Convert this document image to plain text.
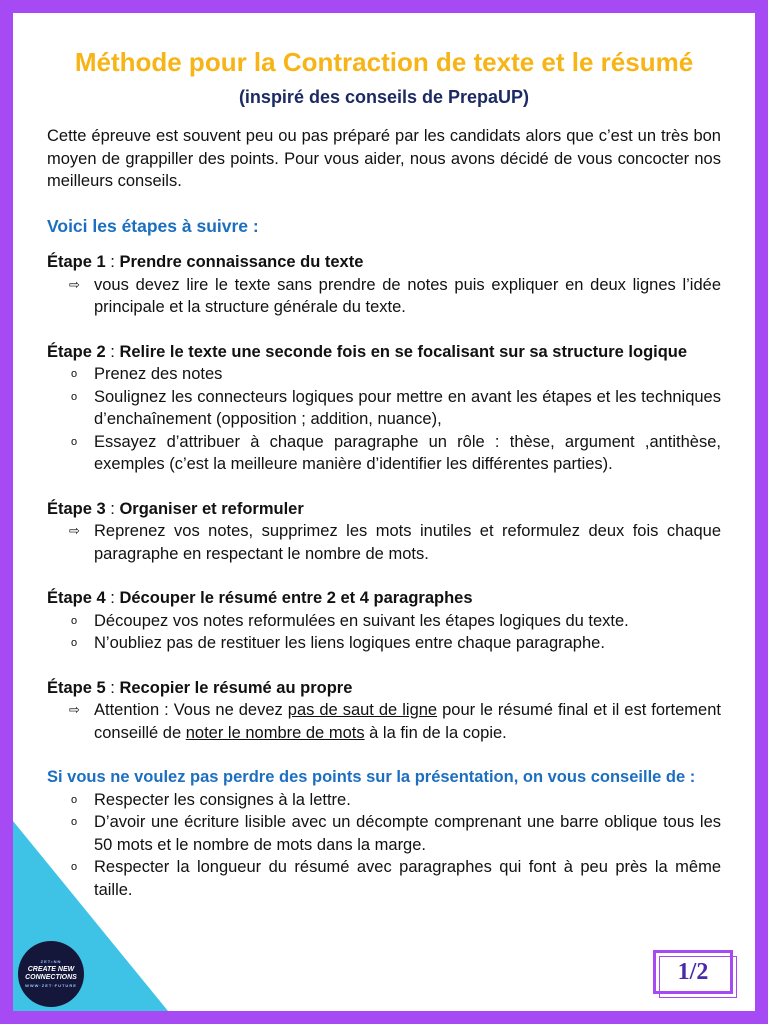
Méthode pour la Contraction de texte et le résumé (inspiré des conseils de PrepaUP)

Cette épreuve est souvent peu ou pas préparé par les candidats alors que c’est un très bon moyen de grappiller des points. Pour vous aider, nous avons décidé de vous concocter nos meilleurs conseils.

Voici les étapes à suivre :

Étape 1 : Prendre connaissance du texte
⇨ vous devez lire le texte sans prendre de notes puis expliquer en deux lignes l’idée principale et la structure générale du texte.
Étape 2 : Relire le texte une seconde fois en se focalisant sur sa structure logique
o Prenez des notes
o Soulignez les connecteurs logiques pour mettre en avant les étapes et les techniques d’enchaînement (opposition ; addition, nuance),
o Essayez d’attribuer à chaque paragraphe un rôle : thèse, argument ,antithèse, exemples (c’est la meilleure manière d’identifier les différentes parties).
Étape 3 : Organiser et reformuler
⇨ Reprenez vos notes, supprimez les mots inutiles et reformulez deux fois chaque paragraphe en respectant le nombre de mots.
Étape 4 : Découper le résumé entre 2 et 4 paragraphes
o Découpez vos notes reformulées en suivant les étapes logiques du texte.
o N’oubliez pas de restituer les liens logiques entre chaque paragraphe.
Étape 5 : Recopier le résumé au propre
⇨ Attention : Vous ne devez pas de saut de ligne pour le résumé final et il est fortement conseillé de noter le nombre de mots à la fin de la copie.

Si vous ne voulez pas perdre des points sur la présentation, on vous conseille de :

o Respecter les consignes à la lettre.
o D’avoir une écriture lisible avec un décompte comprenant une barre oblique tous les 50 mots et le nombre de mots dans la marge.
o Respecter la longueur du résumé avec paragraphes qui font à peu près la même taille.
ZET•NN
CREATE NEW
CONNECTIONS
WWW·ZET·FUTURE
1/2
